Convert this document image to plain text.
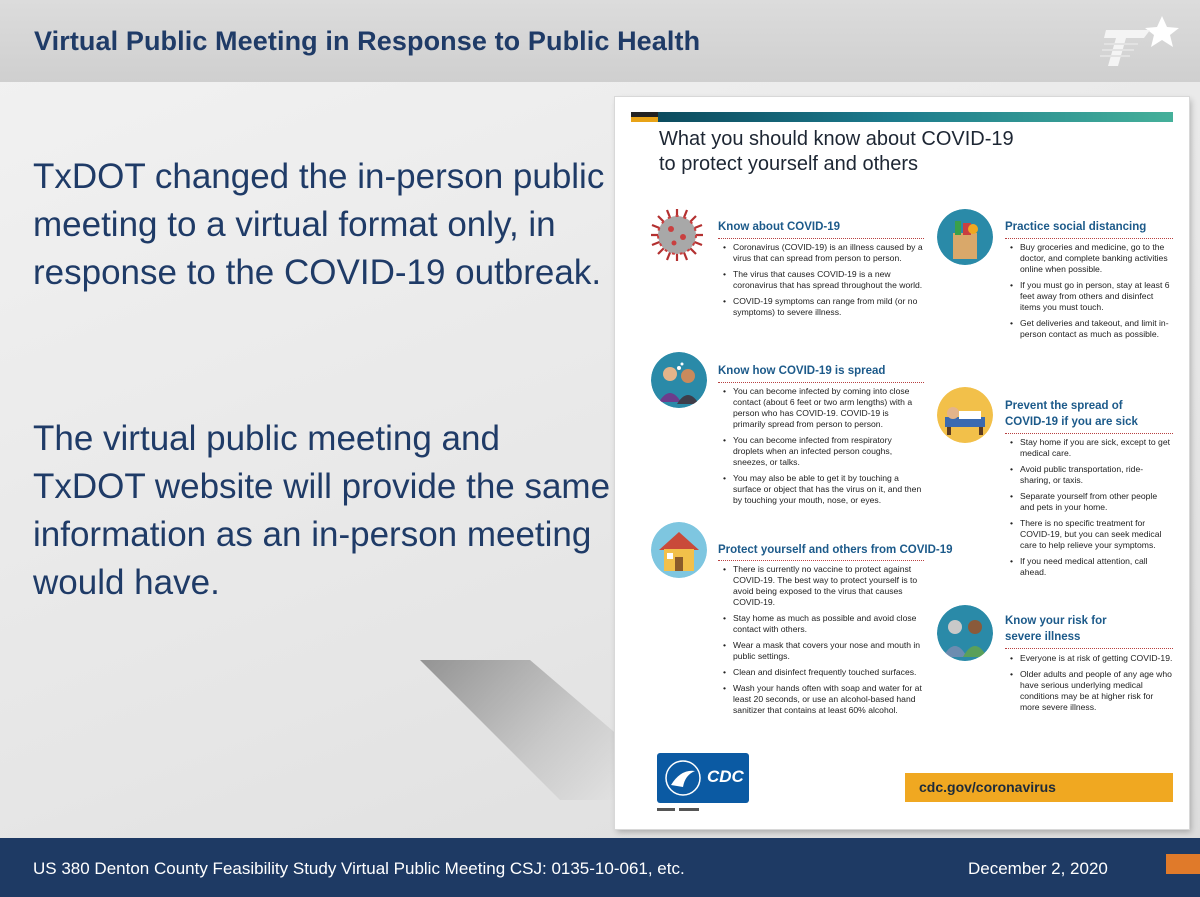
Virtual Public Meeting in Response to Public Health
TxDOT changed the in-person public meeting to a virtual format only, in response to the COVID-19 outbreak.
The virtual public meeting and TxDOT website will provide the same information as an in-person meeting would have.
What you should know about COVID-19
to protect yourself and others
Know about COVID-19
• Coronavirus (COVID-19) is an illness caused by a virus that can spread from person to person.
• The virus that causes COVID-19 is a new coronavirus that has spread throughout the world.
• COVID-19 symptoms can range from mild (or no symptoms) to severe illness.
Know how COVID-19 is spread
• You can become infected by coming into close contact (about 6 feet or two arm lengths) with a person who has COVID-19. COVID-19 is primarily spread from person to person.
• You can become infected from respiratory droplets when an infected person coughs, sneezes, or talks.
• You may also be able to get it by touching a surface or object that has the virus on it, and then by touching your mouth, nose, or eyes.
Protect yourself and others from COVID-19
• There is currently no vaccine to protect against COVID-19. The best way to protect yourself is to avoid being exposed to the virus that causes COVID-19.
• Stay home as much as possible and avoid close contact with others.
• Wear a mask that covers your nose and mouth in public settings.
• Clean and disinfect frequently touched surfaces.
• Wash your hands often with soap and water for at least 20 seconds, or use an alcohol-based hand sanitizer that contains at least 60% alcohol.
Practice social distancing
• Buy groceries and medicine, go to the doctor, and complete banking activities online when possible.
• If you must go in person, stay at least 6 feet away from others and disinfect items you must touch.
• Get deliveries and takeout, and limit in-person contact as much as possible.
Prevent the spread of
COVID-19 if you are sick
• Stay home if you are sick, except to get medical care.
• Avoid public transportation, ride-sharing, or taxis.
• Separate yourself from other people and pets in your home.
• There is no specific treatment for COVID-19, but you can seek medical care to help relieve your symptoms.
• If you need medical attention, call ahead.
Know your risk for
severe illness
• Everyone is at risk of getting COVID-19.
• Older adults and people of any age who have serious underlying medical conditions may be at higher risk for more severe illness.
CDC
cdc.gov/coronavirus
US 380 Denton County Feasibility Study Virtual Public Meeting CSJ: 0135-10-061, etc.	December 2, 2020
